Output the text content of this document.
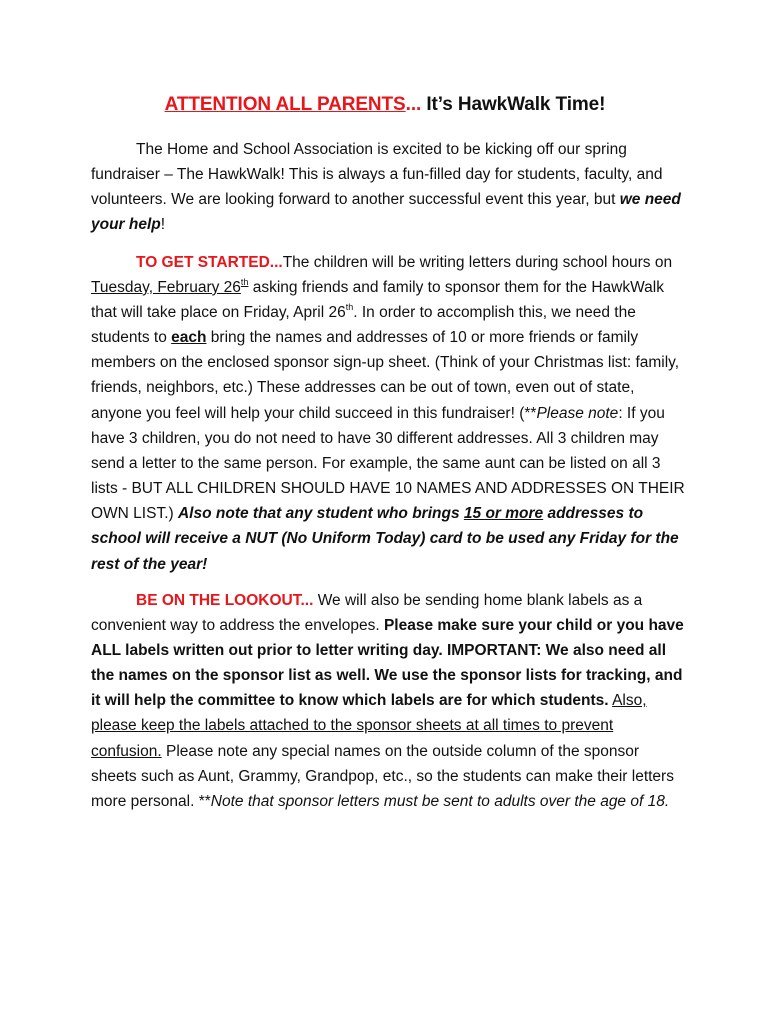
ATTENTION ALL PARENTS... It’s HawkWalk Time!

The Home and School Association is excited to be kicking off our spring fundraiser – The HawkWalk! This is always a fun-filled day for students, faculty, and volunteers. We are looking forward to another successful event this year, but we need your help!

TO GET STARTED...The children will be writing letters during school hours on Tuesday, February 26th asking friends and family to sponsor them for the HawkWalk that will take place on Friday, April 26th. In order to accomplish this, we need the students to each bring the names and addresses of 10 or more friends or family members on the enclosed sponsor sign-up sheet. (Think of your Christmas list: family, friends, neighbors, etc.) These addresses can be out of town, even out of state, anyone you feel will help your child succeed in this fundraiser! (**Please note: If you have 3 children, you do not need to have 30 different addresses. All 3 children may send a letter to the same person. For example, the same aunt can be listed on all 3 lists - BUT ALL CHILDREN SHOULD HAVE 10 NAMES AND ADDRESSES ON THEIR OWN LIST.) Also note that any student who brings 15 or more addresses to school will receive a NUT (No Uniform Today) card to be used any Friday for the rest of the year!

BE ON THE LOOKOUT... We will also be sending home blank labels as a convenient way to address the envelopes. Please make sure your child or you have ALL labels written out prior to letter writing day. IMPORTANT: We also need all the names on the sponsor list as well. We use the sponsor lists for tracking, and it will help the committee to know which labels are for which students. Also, please keep the labels attached to the sponsor sheets at all times to prevent confusion. Please note any special names on the outside column of the sponsor sheets such as Aunt, Grammy, Grandpop, etc., so the students can make their letters more personal. **Note that sponsor letters must be sent to adults over the age of 18.
